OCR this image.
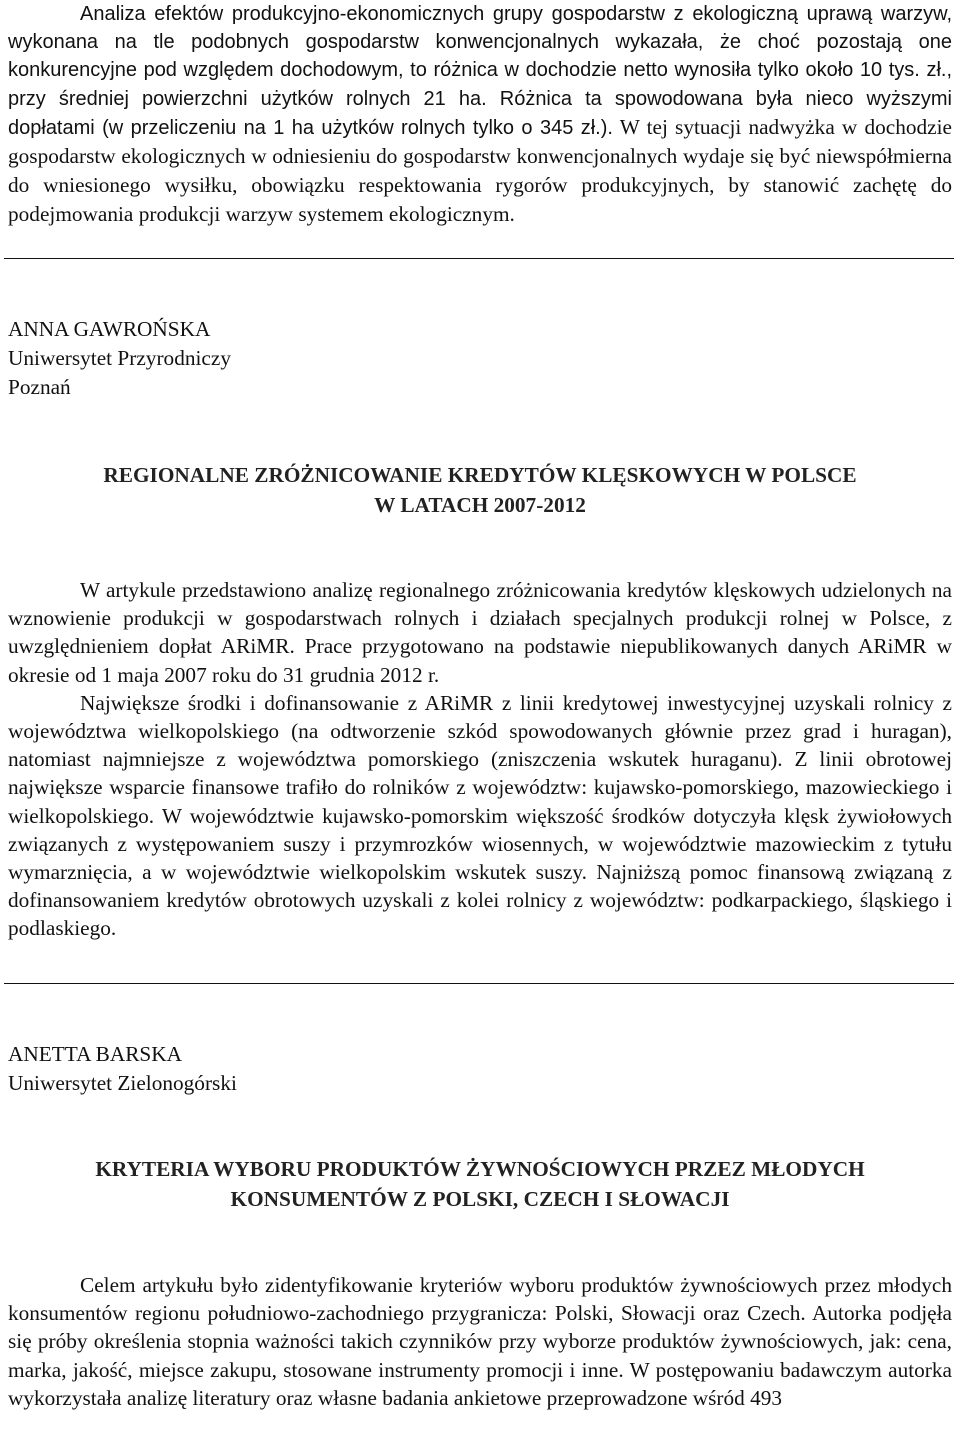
Analiza efektów produkcyjno-ekonomicznych grupy gospodarstw z ekologiczną uprawą warzyw, wykonana na tle podobnych gospodarstw konwencjonalnych wykazała, że choć pozostają one konkurencyjne pod względem dochodowym, to różnica w dochodzie netto wynosiła tylko około 10 tys. zł., przy średniej powierzchni użytków rolnych 21 ha. Różnica ta spowodowana była nieco wyższymi dopłatami (w przeliczeniu na 1 ha użytków rolnych tylko o 345 zł.). W tej sytuacji nadwyżka w dochodzie gospodarstw ekologicznych w odniesieniu do gospodarstw konwencjonalnych wydaje się być niewspółmierna do wniesionego wysiłku, obowiązku respektowania rygorów produkcyjnych, by stanowić zachętę do podejmowania produkcji warzyw systemem ekologicznym.

ANNA GAWROŃSKA

Uniwersytet Przyrodniczy

Poznań

REGIONALNE ZRÓŻNICOWANIE KREDYTÓW KLĘSKOWYCH W POLSCE

W LATACH 2007-2012

W artykule przedstawiono analizę regionalnego zróżnicowania kredytów klęskowych udzielonych na wznowienie produkcji w gospodarstwach rolnych i działach specjalnych produkcji rolnej w Polsce, z uwzględnieniem dopłat ARiMR. Prace przygotowano na podstawie niepublikowanych danych ARiMR w okresie od 1 maja 2007 roku do 31 grudnia 2012 r.

Największe środki i dofinansowanie z ARiMR z linii kredytowej inwestycyjnej uzyskali rolnicy z województwa wielkopolskiego (na odtworzenie szkód spowodowanych głównie przez grad i huragan), natomiast najmniejsze z województwa pomorskiego (zniszczenia wskutek huraganu). Z linii obrotowej największe wsparcie finansowe trafiło do rolników z województw: kujawsko-pomorskiego, mazowieckiego i wielkopolskiego. W województwie kujawsko-pomorskim większość środków dotyczyła klęsk żywiołowych związanych z występowaniem suszy i przymrozków wiosennych, w województwie mazowieckim z tytułu wymarznięcia, a w województwie wielkopolskim wskutek suszy. Najniższą pomoc finansową związaną z dofinansowaniem kredytów obrotowych uzyskali z kolei rolnicy z województw: podkarpackiego, śląskiego i podlaskiego.

ANETTA BARSKA

Uniwersytet Zielonogórski

KRYTERIA WYBORU PRODUKTÓW ŻYWNOŚCIOWYCH PRZEZ MŁODYCH

KONSUMENTÓW Z POLSKI, CZECH I SŁOWACJI

Celem artykułu było zidentyfikowanie kryteriów wyboru produktów żywnościowych przez młodych konsumentów regionu południowo-zachodniego przygranicza: Polski, Słowacji oraz Czech. Autorka podjęła się próby określenia stopnia ważności takich czynników przy wyborze produktów żywnościowych, jak: cena, marka, jakość, miejsce zakupu, stosowane instrumenty promocji i inne. W postępowaniu badawczym autorka wykorzystała analizę literatury oraz własne badania ankietowe przeprowadzone wśród 493
